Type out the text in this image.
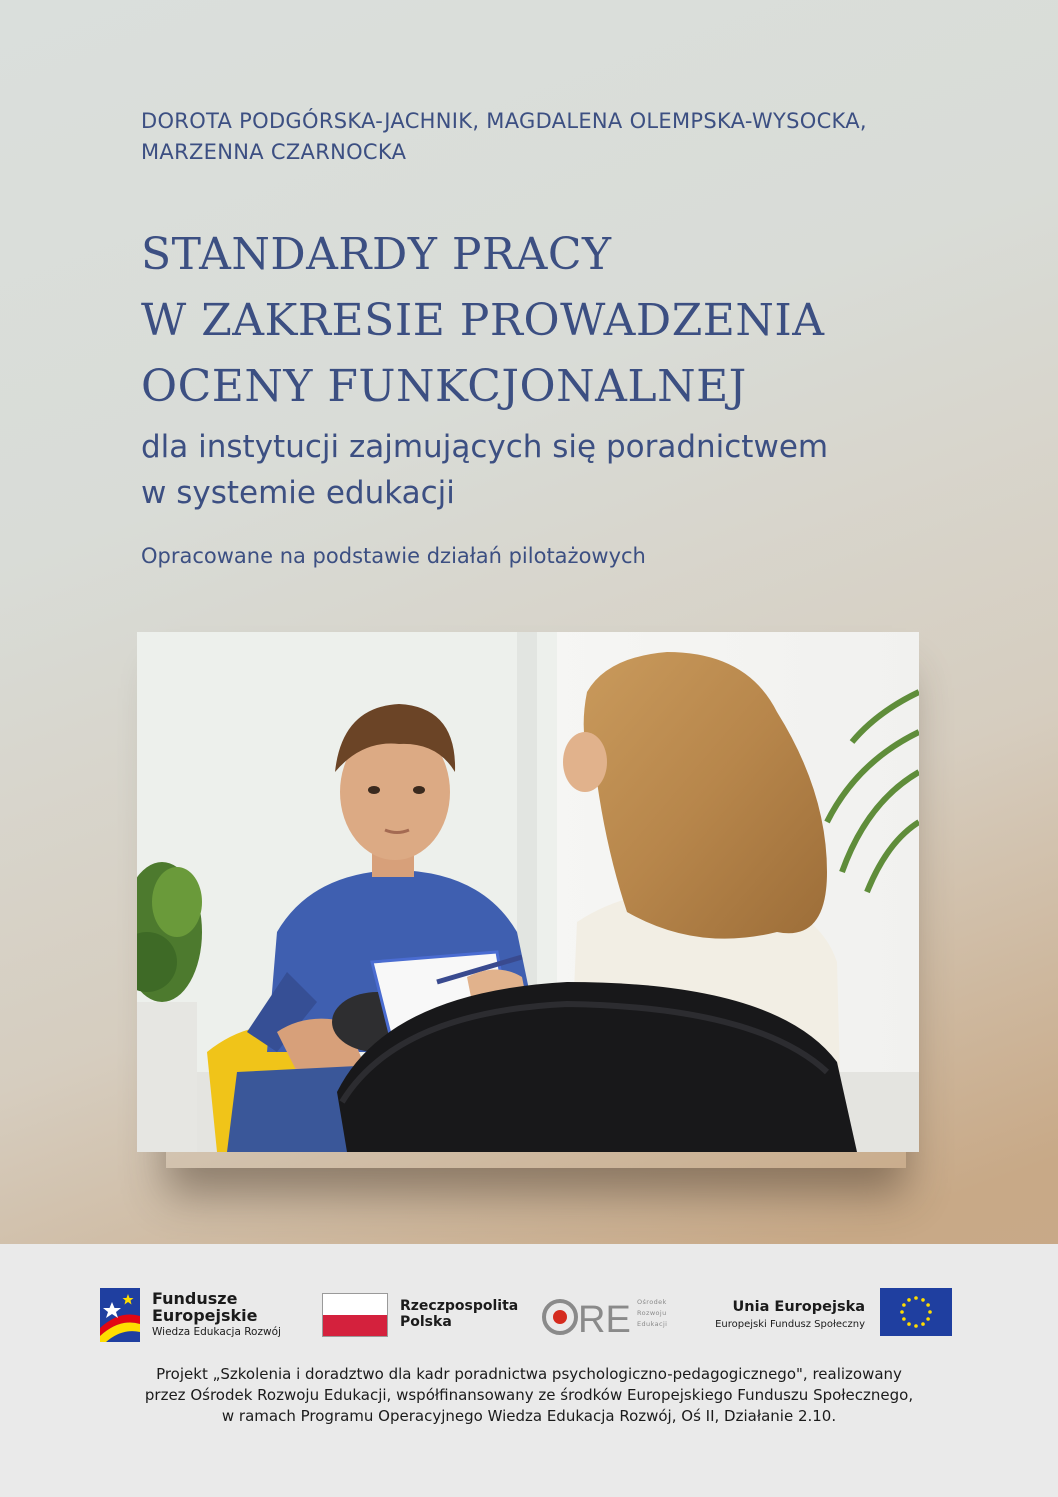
DOROTA PODGÓRSKA-JACHNIK, MAGDALENA OLEMPSKA-WYSOCKA,
MARZENNA CZARNOCKA
STANDARDY PRACY
W ZAKRESIE PROWADZENIA
OCENY FUNKCJONALNEJ
dla instytucji zajmujących się poradnictwem
w systemie edukacji
Opracowane na podstawie działań pilotażowych
Fundusze
Europejskie
Wiedza Edukacja Rozwój
Rzeczpospolita
Polska	RE Ośrodek
Rozwoju
Edukacji
Unia Europejska
Europejski Fundusz Społeczny
Projekt „Szkolenia i doradztwo dla kadr poradnictwa psychologiczno-pedagogicznego", realizowany
przez Ośrodek Rozwoju Edukacji, współfinansowany ze środków Europejskiego Funduszu Społecznego,
w ramach Programu Operacyjnego Wiedza Edukacja Rozwój, Oś II, Działanie 2.10.
